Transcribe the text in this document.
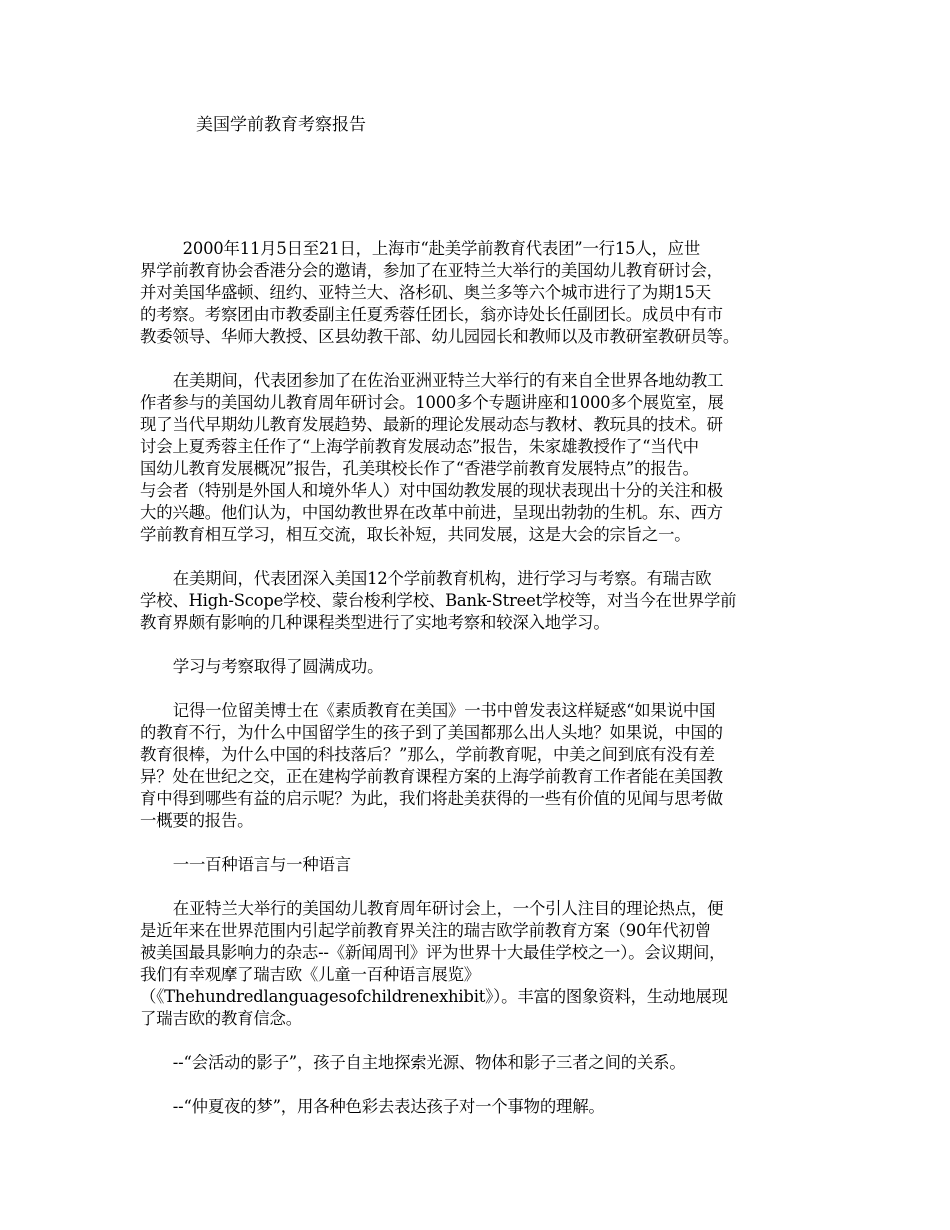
美国学前教育考察报告

2000年11月5日至21日，上海市“赴美学前教育代表团”一行15人，应世
界学前教育协会香港分会的邀请，参加了在亚特兰大举行的美国幼儿教育研讨会，
并对美国华盛顿、纽约、亚特兰大、洛杉矶、奥兰多等六个城市进行了为期15天
的考察。考察团由市教委副主任夏秀蓉任团长，翁亦诗处长任副团长。成员中有市
教委领导、华师大教授、区县幼教干部、幼儿园园长和教师以及市教研室教研员等。

在美期间，代表团参加了在佐治亚洲亚特兰大举行的有来自全世界各地幼教工
作者参与的美国幼儿教育周年研讨会。1000多个专题讲座和1000多个展览室，展
现了当代早期幼儿教育发展趋势、最新的理论发展动态与教材、教玩具的技术。研
讨会上夏秀蓉主任作了“上海学前教育发展动态”报告，朱家雄教授作了“当代中
国幼儿教育发展概况”报告，孔美琪校长作了“香港学前教育发展特点”的报告。
与会者（特别是外国人和境外华人）对中国幼教发展的现状表现出十分的关注和极
大的兴趣。他们认为，中国幼教世界在改革中前进，呈现出勃勃的生机。东、西方
学前教育相互学习，相互交流，取长补短，共同发展，这是大会的宗旨之一。

在美期间，代表团深入美国12个学前教育机构，进行学习与考察。有瑞吉欧
学校、High-Scope学校、蒙台梭利学校、Bank-Street学校等，对当今在世界学前
教育界颇有影响的几种课程类型进行了实地考察和较深入地学习。

学习与考察取得了圆满成功。

记得一位留美博士在《素质教育在美国》一书中曾发表这样疑惑“如果说中国
的教育不行，为什么中国留学生的孩子到了美国都那么出人头地？如果说，中国的
教育很棒，为什么中国的科技落后？”那么，学前教育呢，中美之间到底有没有差
异？处在世纪之交，正在建构学前教育课程方案的上海学前教育工作者能在美国教
育中得到哪些有益的启示呢？为此，我们将赴美获得的一些有价值的见闻与思考做
一概要的报告。

一一百种语言与一种语言

在亚特兰大举行的美国幼儿教育周年研讨会上，一个引人注目的理论热点，便
是近年来在世界范围内引起学前教育界关注的瑞吉欧学前教育方案（90年代初曾
被美国最具影响力的杂志--《新闻周刊》评为世界十大最佳学校之一）。会议期间，
我们有幸观摩了瑞吉欧《儿童一百种语言展览》
（《Thehundredlanguagesofchildrenexhibit》）。丰富的图象资料，生动地展现
了瑞吉欧的教育信念。

--“会活动的影子”，孩子自主地探索光源、物体和影子三者之间的关系。

--“仲夏夜的梦”，用各种色彩去表达孩子对一个事物的理解。
